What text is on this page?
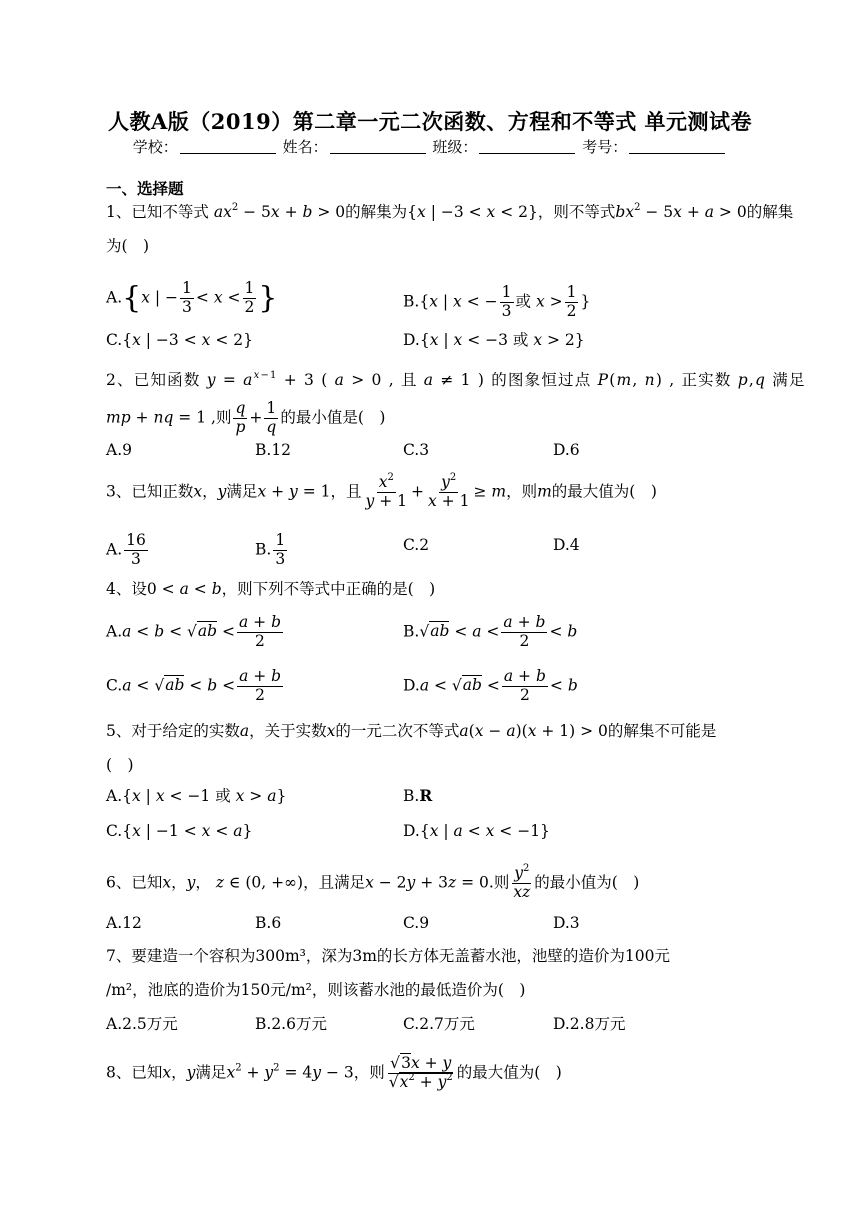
人教A版（2019）第二章一元二次函数、方程和不等式 单元测试卷
学校：	姓名：	班级：	考号：
一、选择题
1、已知不等式 $ax^2 - 5x + b > 0$的解集为{x | −3 < x < 2}，则不等式$bx^2 - 5x + a > 0$的解集
为(　)
A.{x | − $\frac{1}{3} < x < \frac{1}{2}$ }	B.{x | x < − $\frac{1}{3}$ 或 $x > \frac{1}{2}$ }
C.{x | −3 < x < 2}	D.{x | x < −3 或 x > 2}
2、已知函数 $y = a^{x-1} + 3$ ( a > 0 , 且 a ≠ 1 ) 的图象恒过点 P(m, n) , 正实数 p,q 满足
mp + nq = 1 ,则 $\frac{q}{p} + \frac{1}{q}$ 的最小值是(　)
A.9	B.12	C.3	D.6
3、已知正数x，y满足x + y = 1，且 $\frac{x^2}{y + 1} + \frac{y^2}{x + 1} \ge m$，则m的最大值为(　)
A. $\frac{16}{3}$	B. $\frac{1}{3}$	C.2	D.4
4、设0 < a < b，则下列不等式中正确的是(　)
$A.a < b < √ab < \frac{a + b}{2}$	$B.√ab < a < \frac{a + b}{2} < b$
$C.a < √ab < b < \frac{a + b}{2}$	$D.a < √ab < \frac{a + b}{2} < b$
5、对于给定的实数a，关于实数x的一元二次不等式a(x − a)(x + 1) > 0的解集不可能是
(　)
A.{x | x < −1 或 x > a}	B.R
C.{x | −1 < x < a}	D.{x | a < x < −1}
6、已知x，y， z ∈ (0, +∞)，且满足x − 2y + 3z = 0.则 $\frac{y^2}{xz}$ 的最小值为(　)
A.12	B.6	C.9	D.3
7、要建造一个容积为300m³，深为3m的长方体无盖蓄水池，池壁的造价为100元
/m²，池底的造价为150元/m²，则该蓄水池的最低造价为(　)
A.2.5万元	B.2.6万元	C.2.7万元	D.2.8万元
8、已知x，y满足$x^2 + y^2 = 4y - 3$，则 $\frac{√3x + y}{√x^2 + y^2}$ 的最大值为(　)
